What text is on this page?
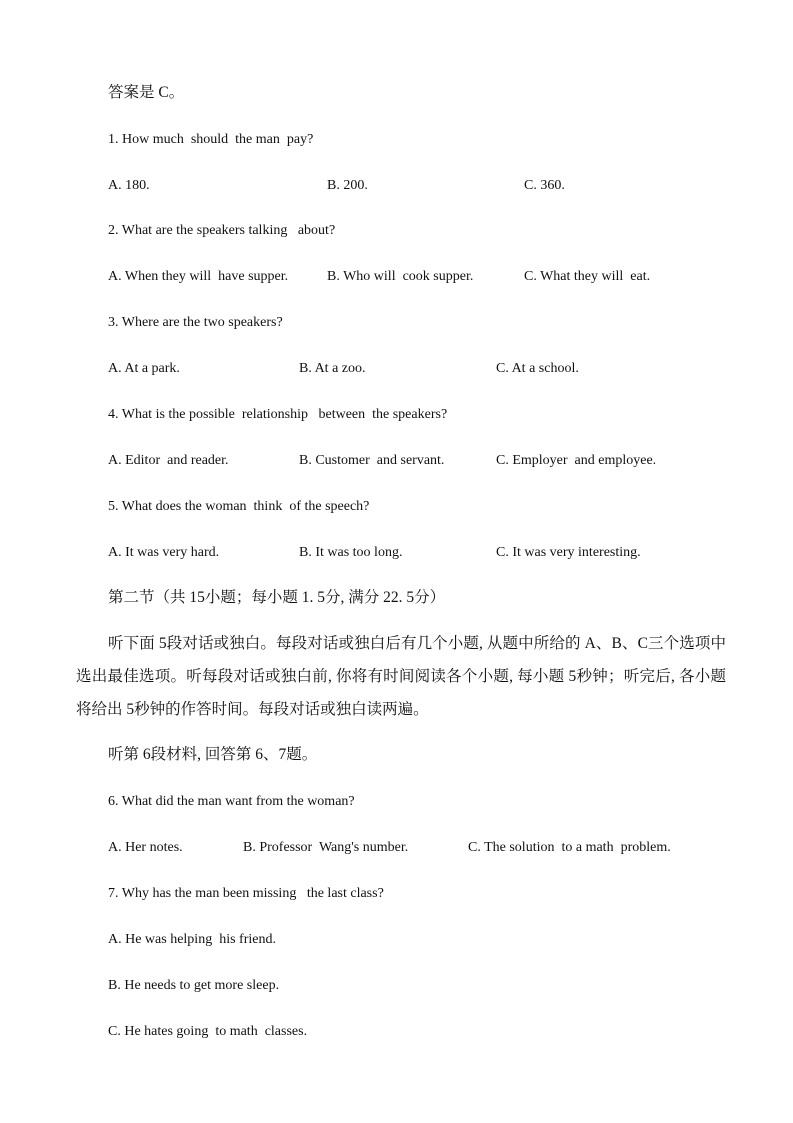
答案是 C。
1. How much  should  the man  pay?
A. 180.	B. 200.	C. 360.
2. What are the speakers talking   about?
A. When they will  have supper.	B. Who will  cook supper.	C. What they will  eat.
3. Where are the two speakers?
A. At a park.	B. At a zoo.	C. At a school.
4. What is the possible  relationship   between  the speakers?
A. Editor  and reader.	B. Customer  and servant.	C. Employer  and employee.
5. What does the woman  think  of the speech?
A. It was very hard.	B. It was too long.	C. It was very interesting.
第二节（共 15小题；每小题 1. 5分, 满分 22. 5分）
听下面 5段对话或独白。每段对话或独白后有几个小题, 从题中所给的 A、B、C三个选项中选出最佳选项。听每段对话或独白前, 你将有时间阅读各个小题, 每小题 5秒钟；听完后, 各小题将给出 5秒钟的作答时间。每段对话或独白读两遍。
听第 6段材料, 回答第 6、7题。
6. What did the man want from the woman?
A. Her notes.	B. Professor  Wang's number.	C. The solution  to a math  problem.
7. Why has the man been missing   the last class?
A. He was helping  his friend.
B. He needs to get more sleep.
C. He hates going  to math  classes.
